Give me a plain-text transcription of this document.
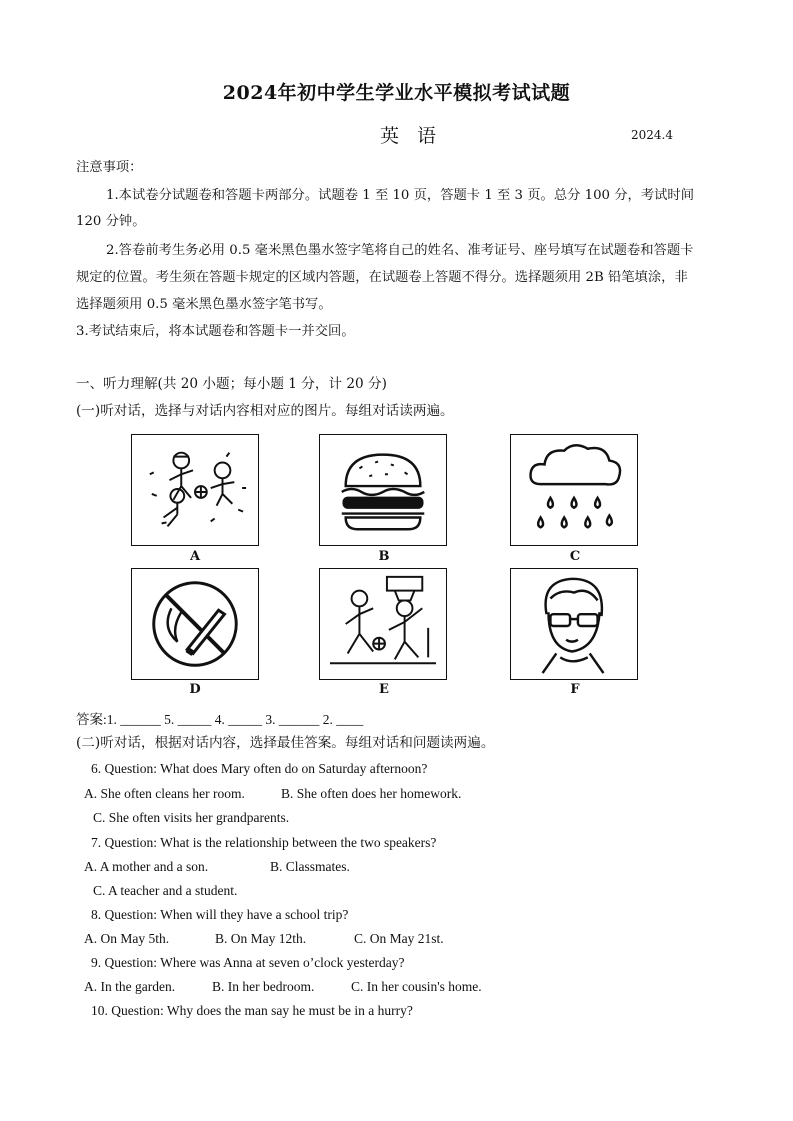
2024年初中学生学业水平模拟考试试题
英语	2024.4
注意事项：
1.本试卷分试题卷和答题卡两部分。试题卷 1 至 10 页，答题卡 1 至 3 页。总分 100 分，考试时间
120 分钟。
2.答卷前考生务必用 0.5 毫米黑色墨水签字笔将自己的姓名、准考证号、座号填写在试题卷和答题卡
规定的位置。考生须在答题卡规定的区域内答题，在试题卷上答题不得分。选择题须用 2B 铅笔填涂，非
选择题须用 0.5 毫米黑色墨水签字笔书写。
3.考试结束后，将本试题卷和答题卡一并交回。
一、听力理解(共 20 小题；每小题 1 分，计 20 分)
(一)听对话，选择与对话内容相对应的图片。每组对话读两遍。
A	B	C
D	E	F
答案:1. ______ 5. _____ 4. _____ 3. ______ 2. ____
(二)听对话，根据对话内容，选择最佳答案。每组对话和问题读两遍。
6. Question: What does Mary often do on Saturday afternoon?
A. She often cleans her room.	B. She often does her homework.
C. She often visits her grandparents.
7. Question: What is the relationship between the two speakers?
A. A mother and a son.	B. Classmates.
C. A teacher and a student.
8. Question: When will they have a school trip?
A. On May 5th.	B. On May 12th.	C. On May 21st.
9. Question: Where was Anna at seven o’clock yesterday?
A. In the garden.	B. In her bedroom.	C. In her cousin's home.
10. Question: Why does the man say he must be in a hurry?
